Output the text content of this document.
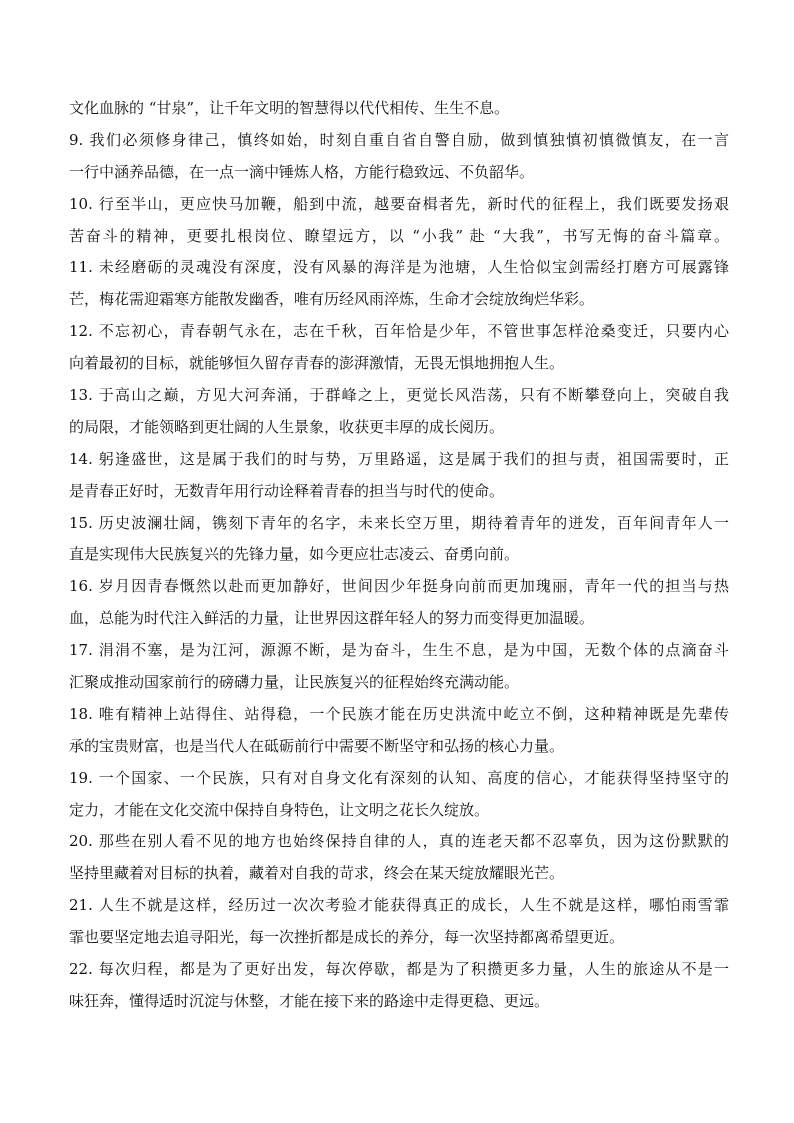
文化血脉的 “甘泉”，让千年文明的智慧得以代代相传、生生不息。
9. 我们必须修身律己，慎终如始，时刻自重自省自警自励，做到慎独慎初慎微慎友，在一言
一行中涵养品德，在一点一滴中锤炼人格，方能行稳致远、不负韶华。
10. 行至半山，更应快马加鞭，船到中流，越要奋楫者先，新时代的征程上，我们既要发扬艰
苦奋斗的精神，更要扎根岗位、瞭望远方，以 “小我” 赴 “大我”，书写无悔的奋斗篇章。
11. 未经磨砺的灵魂没有深度，没有风暴的海洋是为池塘，人生恰似宝剑需经打磨方可展露锋
芒，梅花需迎霜寒方能散发幽香，唯有历经风雨淬炼，生命才会绽放绚烂华彩。
12. 不忘初心，青春朝气永在，志在千秋，百年恰是少年，不管世事怎样沧桑变迁，只要内心
向着最初的目标，就能够恒久留存青春的澎湃激情，无畏无惧地拥抱人生。
13. 于高山之巅，方见大河奔涌，于群峰之上，更觉长风浩荡，只有不断攀登向上，突破自我
的局限，才能领略到更壮阔的人生景象，收获更丰厚的成长阅历。
14. 躬逢盛世，这是属于我们的时与势，万里路遥，这是属于我们的担与责，祖国需要时，正
是青春正好时，无数青年用行动诠释着青春的担当与时代的使命。
15. 历史波澜壮阔，镌刻下青年的名字，未来长空万里，期待着青年的迸发，百年间青年人一
直是实现伟大民族复兴的先锋力量，如今更应壮志凌云、奋勇向前。
16. 岁月因青春慨然以赴而更加静好，世间因少年挺身向前而更加瑰丽，青年一代的担当与热
血，总能为时代注入鲜活的力量，让世界因这群年轻人的努力而变得更加温暖。
17. 涓涓不塞，是为江河，源源不断，是为奋斗，生生不息，是为中国，无数个体的点滴奋斗
汇聚成推动国家前行的磅礴力量，让民族复兴的征程始终充满动能。
18. 唯有精神上站得住、站得稳，一个民族才能在历史洪流中屹立不倒，这种精神既是先辈传
承的宝贵财富，也是当代人在砥砺前行中需要不断坚守和弘扬的核心力量。
19. 一个国家、一个民族，只有对自身文化有深刻的认知、高度的信心，才能获得坚持坚守的
定力，才能在文化交流中保持自身特色，让文明之花长久绽放。
20. 那些在别人看不见的地方也始终保持自律的人，真的连老天都不忍辜负，因为这份默默的
坚持里藏着对目标的执着，藏着对自我的苛求，终会在某天绽放耀眼光芒。
21. 人生不就是这样，经历过一次次考验才能获得真正的成长，人生不就是这样，哪怕雨雪霏
霏也要坚定地去追寻阳光，每一次挫折都是成长的养分，每一次坚持都离希望更近。
22. 每次归程，都是为了更好出发，每次停歇，都是为了积攒更多力量，人生的旅途从不是一
味狂奔，懂得适时沉淀与休整，才能在接下来的路途中走得更稳、更远。
